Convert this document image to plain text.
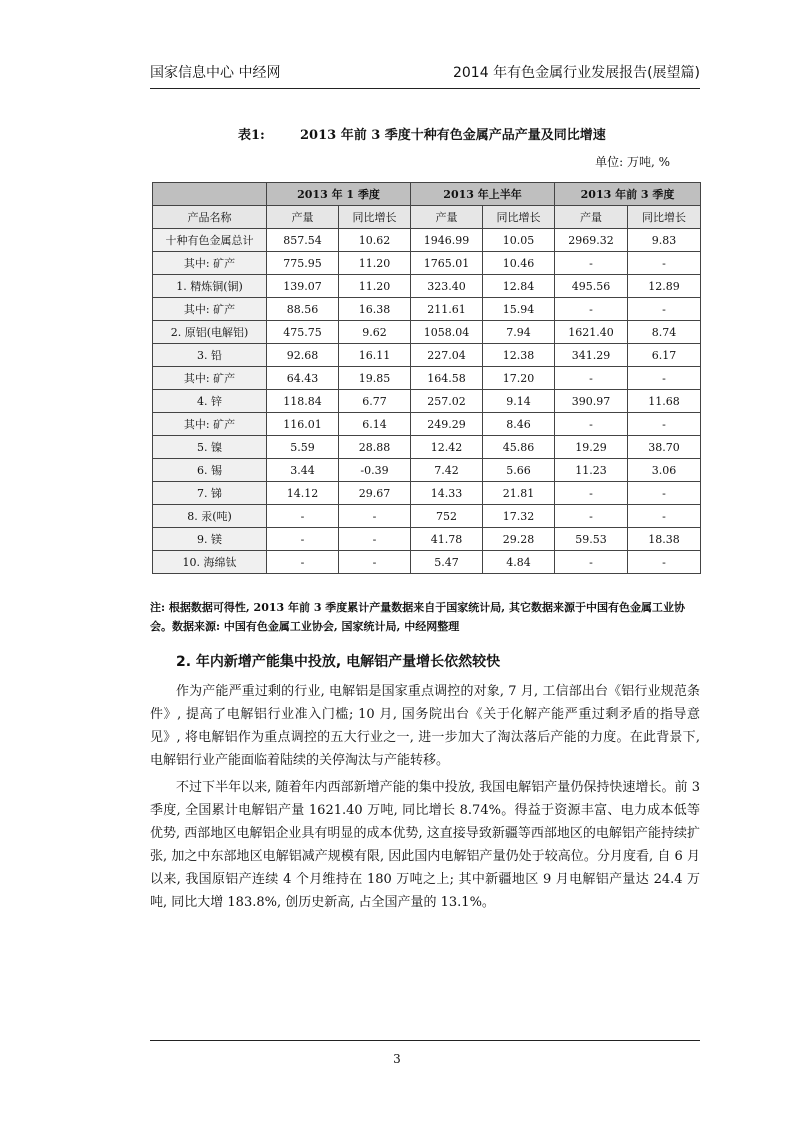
国家信息中心 中经网	2014 年有色金属行业发展报告(展望篇)
表1:	2013 年前 3 季度十种有色金属产品产量及同比增速
单位: 万吨, %
	2013 年 1 季度		2013 年上半年		2013 年前 3 季度	
产品名称	产量	同比增长	产量	同比增长	产量	同比增长
十种有色金属总计	857.54	10.62	1946.99	10.05	2969.32	9.83
其中: 矿产	775.95	11.20	1765.01	10.46	-	-
1. 精炼铜(铜)	139.07	11.20	323.40	12.84	495.56	12.89
其中: 矿产	88.56	16.38	211.61	15.94	-	-
2. 原铝(电解铝)	475.75	9.62	1058.04	7.94	1621.40	8.74
3. 铅	92.68	16.11	227.04	12.38	341.29	6.17
其中: 矿产	64.43	19.85	164.58	17.20	-	-
4. 锌	118.84	6.77	257.02	9.14	390.97	11.68
其中: 矿产	116.01	6.14	249.29	8.46	-	-
5. 镍	5.59	28.88	12.42	45.86	19.29	38.70
6. 锡	3.44	-0.39	7.42	5.66	11.23	3.06
7. 锑	14.12	29.67	14.33	21.81	-	-
8. 汞(吨)	-	-	752	17.32	-	-
9. 镁	-	-	41.78	29.28	59.53	18.38
10. 海绵钛	-	-	5.47	4.84	-	-
注: 根据数据可得性, 2013 年前 3 季度累计产量数据来自于国家统计局, 其它数据来源于中国有色金属工业协会。数据来源: 中国有色金属工业协会, 国家统计局, 中经网整理
2. 年内新增产能集中投放, 电解铝产量增长依然较快

作为产能严重过剩的行业, 电解铝是国家重点调控的对象, 7 月, 工信部出台《铝行业规范条件》, 提高了电解铝行业准入门槛; 10 月, 国务院出台《关于化解产能严重过剩矛盾的指导意见》, 将电解铝作为重点调控的五大行业之一, 进一步加大了淘汰落后产能的力度。在此背景下, 电解铝行业产能面临着陆续的关停淘汰与产能转移。

不过下半年以来, 随着年内西部新增产能的集中投放, 我国电解铝产量仍保持快速增长。前 3 季度, 全国累计电解铝产量 1621.40 万吨, 同比增长 8.74%。得益于资源丰富、电力成本低等优势, 西部地区电解铝企业具有明显的成本优势, 这直接导致新疆等西部地区的电解铝产能持续扩张, 加之中东部地区电解铝减产规模有限, 因此国内电解铝产量仍处于较高位。分月度看, 自 6 月以来, 我国原铝产连续 4 个月维持在 180 万吨之上; 其中新疆地区 9 月电解铝产量达 24.4 万吨, 同比大增 183.8%, 创历史新高, 占全国产量的 13.1%。

3
